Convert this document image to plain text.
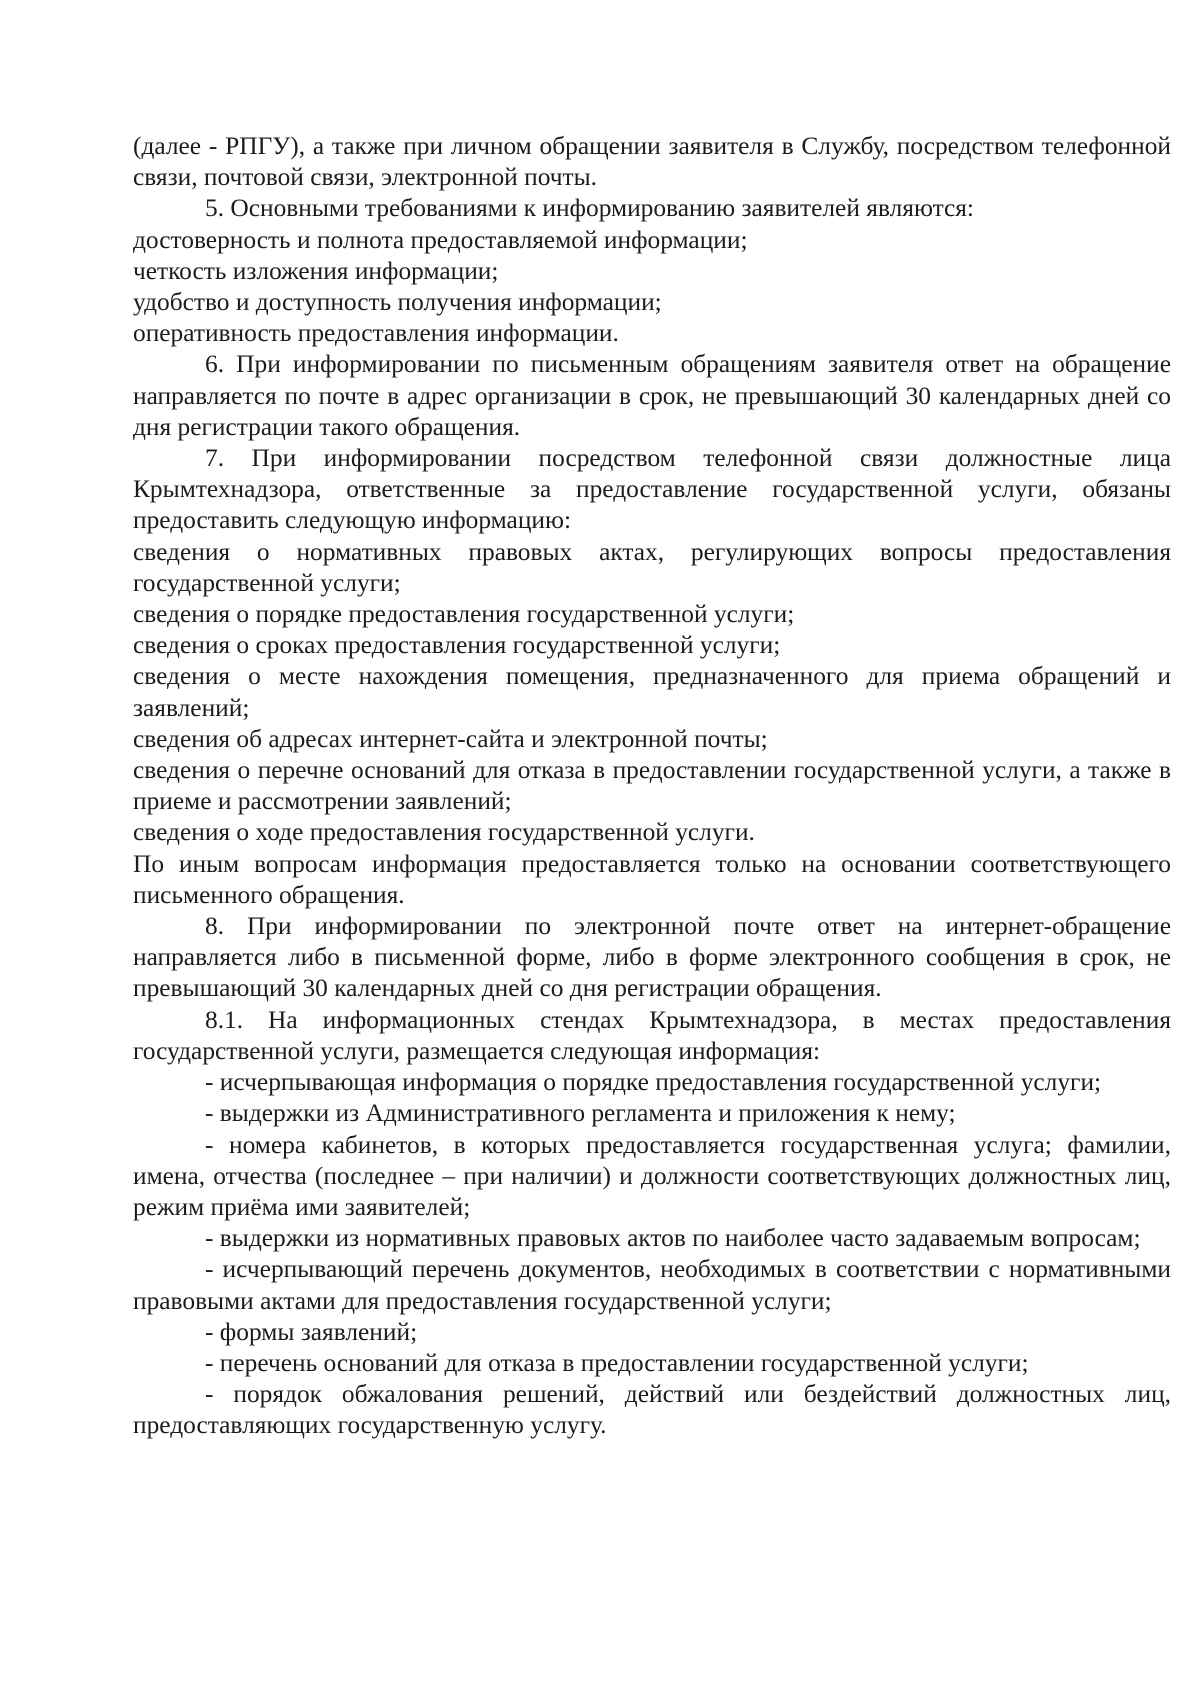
(далее - РПГУ), а также при личном обращении заявителя в Службу, посредством телефонной связи, почтовой связи, электронной почты.

5. Основными требованиями к информированию заявителей являются:

достоверность и полнота предоставляемой информации;

четкость изложения информации;

удобство и доступность получения информации;

оперативность предоставления информации.

6. При информировании по письменным обращениям заявителя ответ на обращение направляется по почте в адрес организации в срок, не превышающий 30 календарных дней со дня регистрации такого обращения.

7. При информировании посредством телефонной связи должностные лица Крымтехнадзора, ответственные за предоставление государственной услуги, обязаны предоставить следующую информацию:

сведения о нормативных правовых актах, регулирующих вопросы предоставления государственной услуги;

сведения о порядке предоставления государственной услуги;

сведения о сроках предоставления государственной услуги;

сведения о месте нахождения помещения, предназначенного для приема обращений и заявлений;

сведения об адресах интернет-сайта и электронной почты;

сведения о перечне оснований для отказа в предоставлении государственной услуги, а также в приеме и рассмотрении заявлений;

сведения о ходе предоставления государственной услуги.

По иным вопросам информация предоставляется только на основании соответствующего письменного обращения.

8. При информировании по электронной почте ответ на интернет-обращение направляется либо в письменной форме, либо в форме электронного сообщения в срок, не превышающий 30 календарных дней со дня регистрации обращения.

8.1. На информационных стендах Крымтехнадзора, в местах предоставления государственной услуги, размещается следующая информация:

- исчерпывающая информация о порядке предоставления государственной услуги;

- выдержки из Административного регламента и приложения к нему;

- номера кабинетов, в которых предоставляется государственная услуга; фамилии, имена, отчества (последнее – при наличии) и должности соответствующих должностных лиц, режим приёма ими заявителей;

- выдержки из нормативных правовых актов по наиболее часто задаваемым вопросам;

- исчерпывающий перечень документов, необходимых в соответствии с нормативными правовыми актами для предоставления государственной услуги;

- формы заявлений;

- перечень оснований для отказа в предоставлении государственной услуги;

- порядок обжалования решений, действий или бездействий должностных лиц, предоставляющих государственную услугу.
